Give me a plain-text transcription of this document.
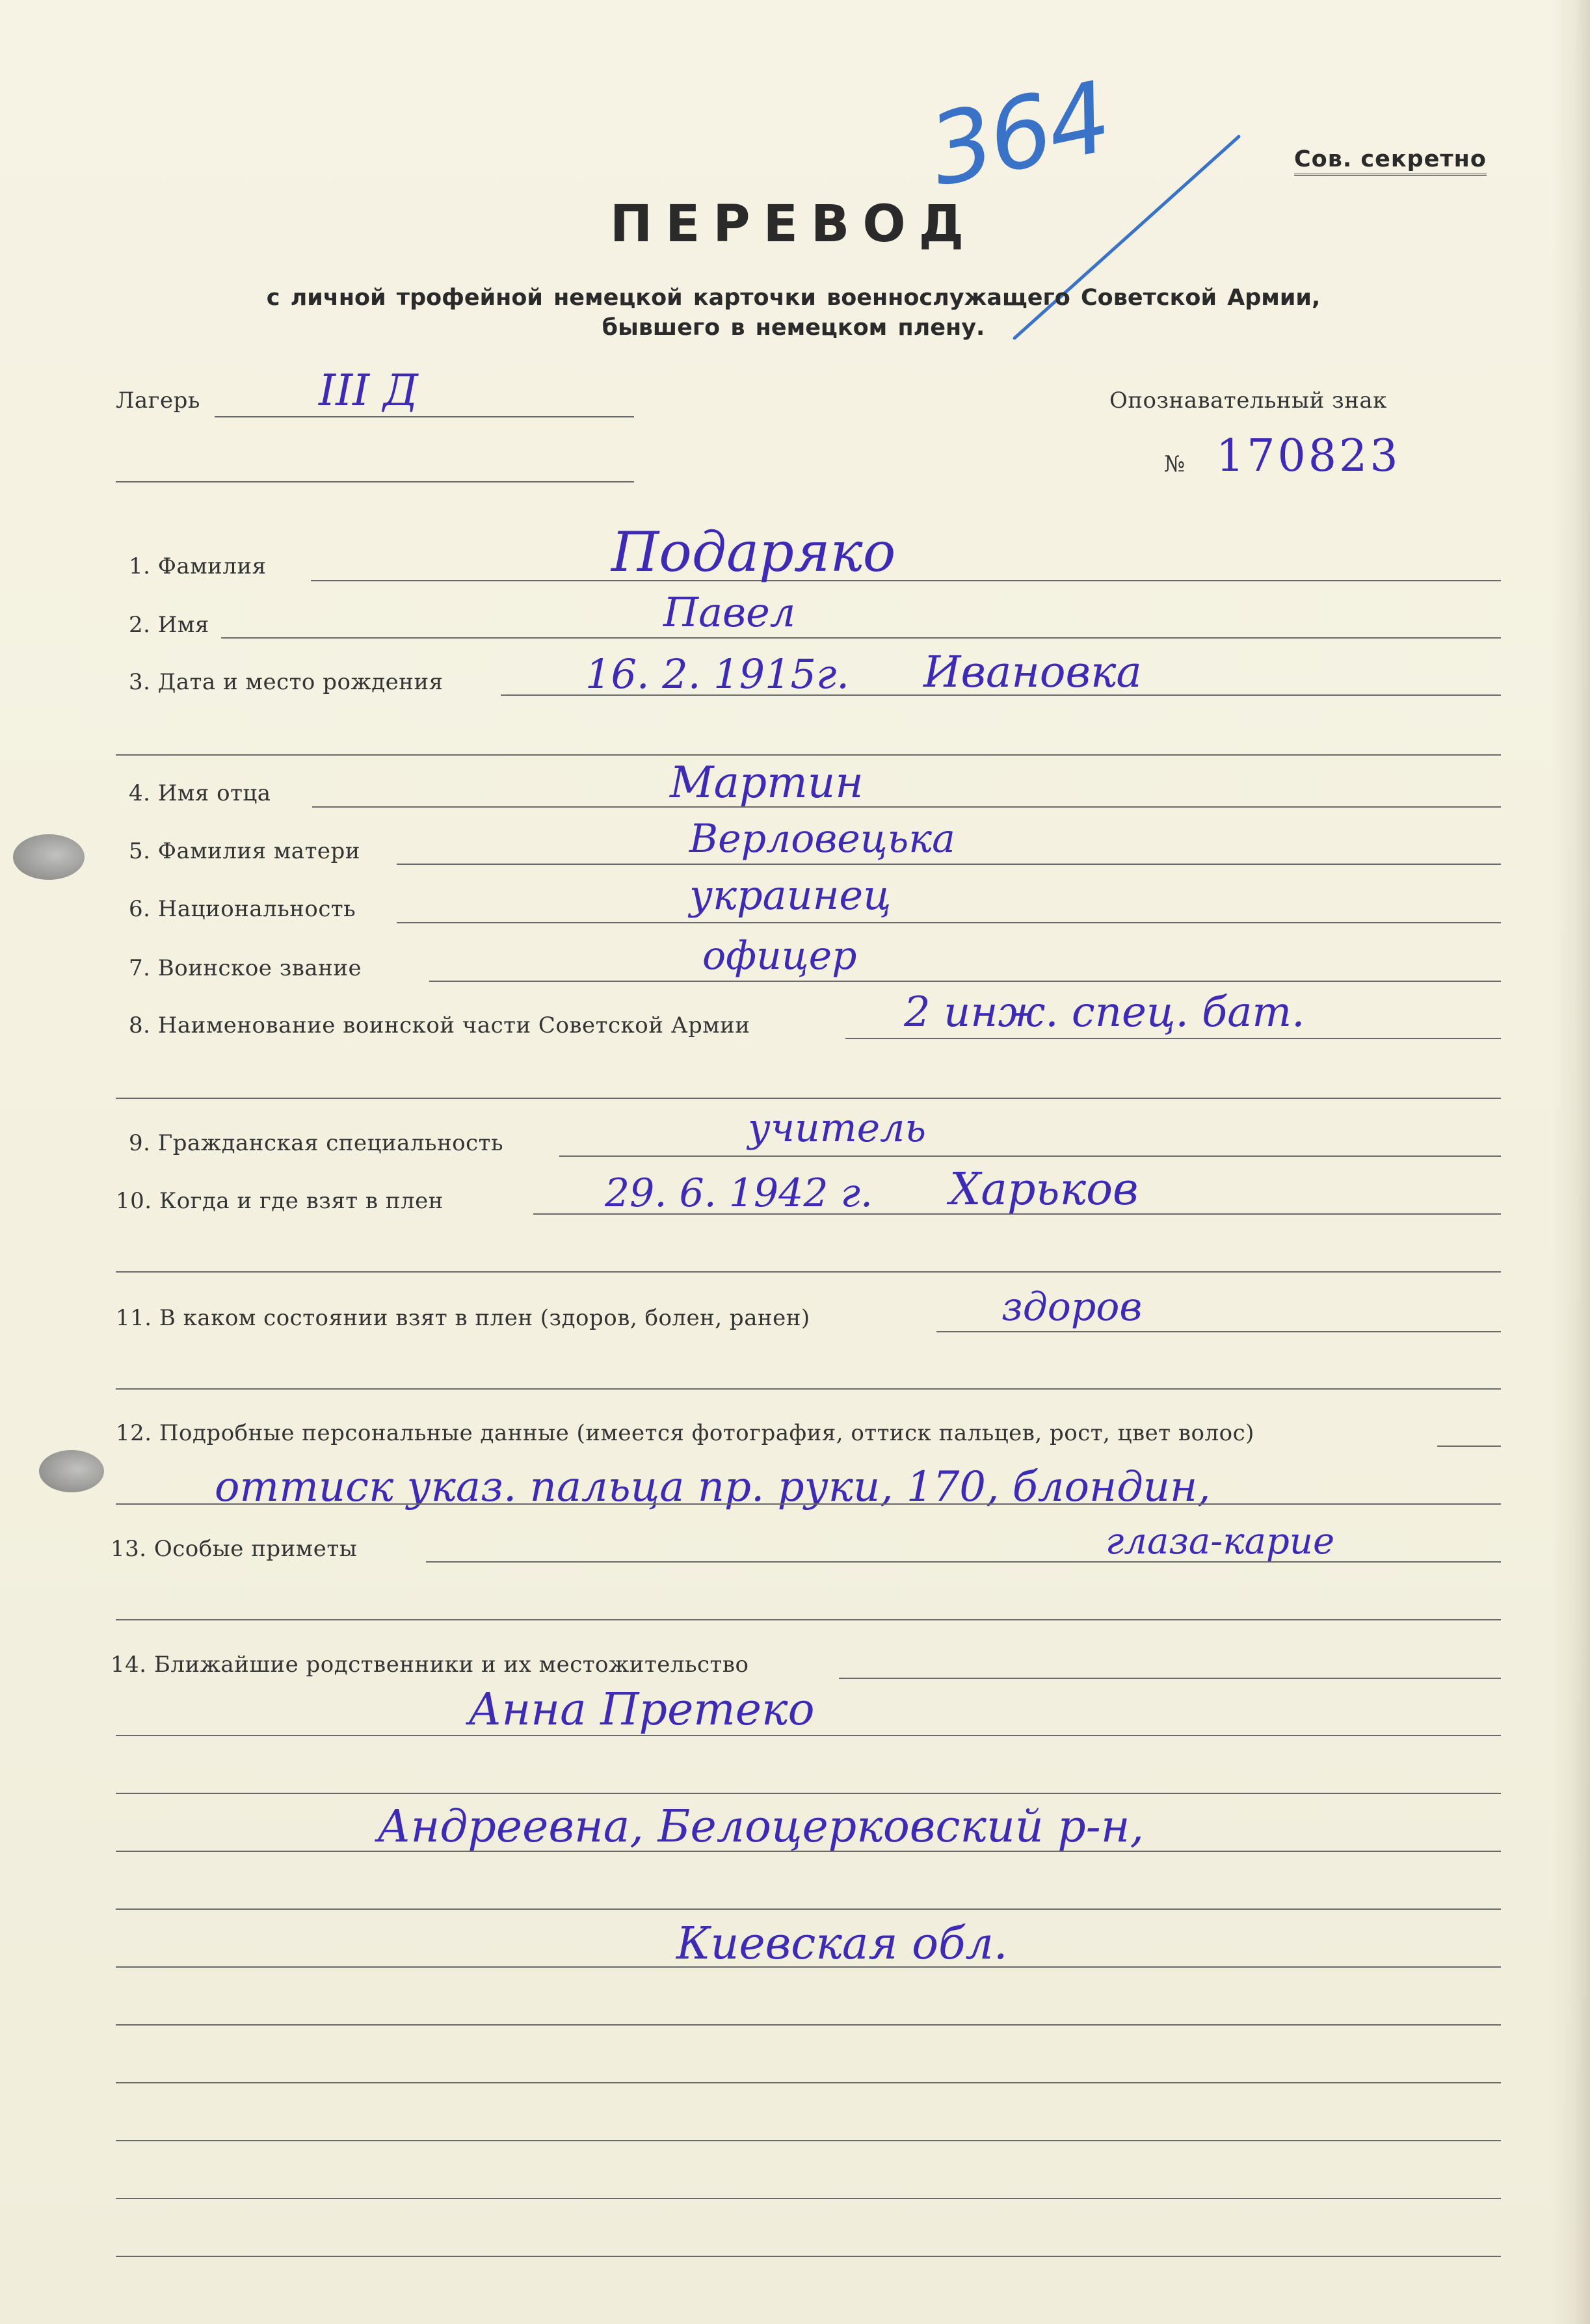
Сов. секретно
ПЕРЕВОД
364
с личной трофейной немецкой карточки военнослужащего Советской Армии,
бывшего в немецком плену.
Лагерь	III Д	Опознавательный знак
№ 170823
1. Фамилия	Подаряко
2. Имя	Павел
3. Дата и место рождения	16. 2. 1915г. Ивановка
4. Имя отца	Мартин
5. Фамилия матери	Верловецька
6. Национальность	украинец
7. Воинское звание	офицер
8. Наименование воинской части Советской Армии	2 инж. спец. бат.
9. Гражданская специальность	учитель
10. Когда и где взят в плен	29. 6. 1942 г. Харьков
11. В каком состоянии взят в плен (здоров, болен, ранен)	здоров
12. Подробные персональные данные (имеется фотография, оттиск пальцев, рост, цвет волос)
оттиск указ. пальца пр. руки, 170, блондин,
13. Особые приметы	глаза-карие
14. Ближайшие родственники и их местожительство
Анна Претеко
Андреевна, Белоцерковский р-н,
Киевская обл.
